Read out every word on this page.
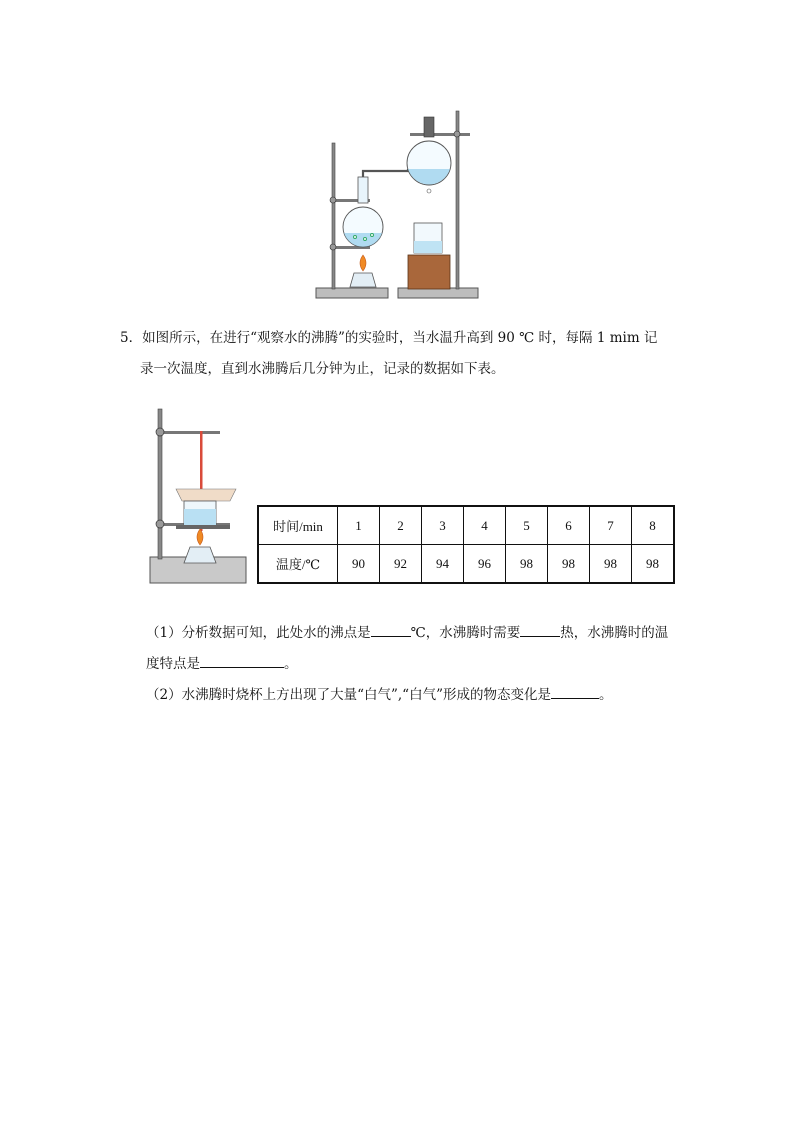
5．如图所示，在进行“观察水的沸腾”的实验时，当水温升高到 90 ℃ 时，每隔 1 mim 记
录一次温度，直到水沸腾后几分钟为止，记录的数据如下表。
时间/min	1	2	3	4	5	6	7	8
温度/℃	90	92	94	96	98	98	98	98
（1）分析数据可知，此处水的沸点是	℃，水沸腾时需要	热，水沸腾时的温
度特点是	。
（2）水沸腾时烧杯上方出现了大量“白气”,“白气”形成的物态变化是	。
